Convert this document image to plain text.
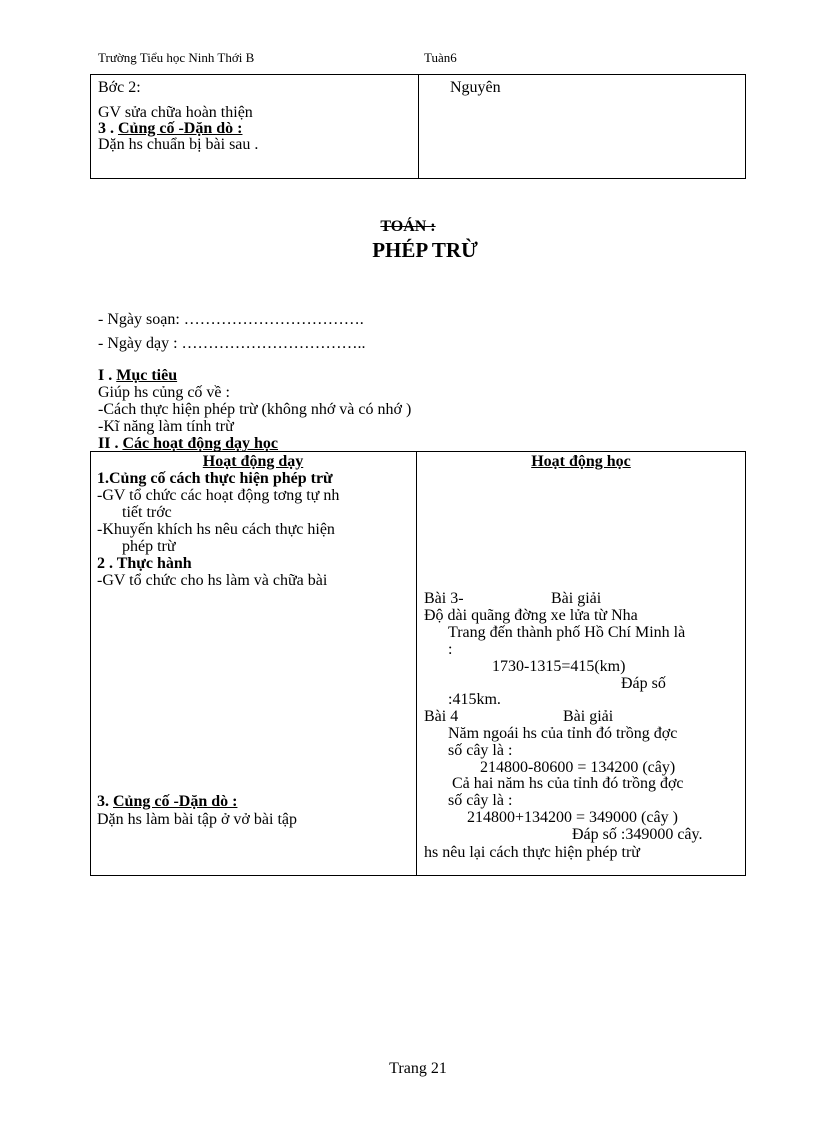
Trường Tiểu học Ninh Thới B	Tuàn6
Bớc 2:
GV sửa chữa hoàn thiện
3 . Củng cố -Dặn dò :
Dặn hs chuẩn bị bài sau .
Nguyên
TOÁN :
PHÉP TRỪ
- Ngày soạn: …………………………….
- Ngày dạy : ……………………………..
I . Mục tiêu
Giúp hs củng cố về :
-Cách thực hiện phép trừ (không nhớ và có nhớ )
-Kĩ năng làm tính trừ
II . Các hoạt động dạy học
Hoạt động dạy	Hoạt động học
1.Củng cố cách thực hiện phép trừ
-GV tổ chức các hoạt động tơng tự nh
tiết trớc
-Khuyến khích hs nêu cách thực hiện
phép trừ
2 . Thực hành
-GV tổ chức cho hs làm và chữa bài
3. Củng cố -Dặn dò :
Dặn hs làm bài tập ở vở bài tập
Bài 3-	Bài giải
Độ dài quãng đờng xe lửa từ Nha
Trang đến thành phố Hồ Chí Minh là
:
1730-1315=415(km)
Đáp số
:415km.
Bài 4	Bài giải
Năm ngoái hs của tỉnh đó trồng đợc
số cây là :
214800-80600 = 134200 (cây)
Cả hai năm hs của tỉnh đó trồng đợc
số cây là :
214800+134200 = 349000 (cây )
Đáp số :349000 cây.
hs nêu lại cách thực hiện phép trừ
Trang 21
